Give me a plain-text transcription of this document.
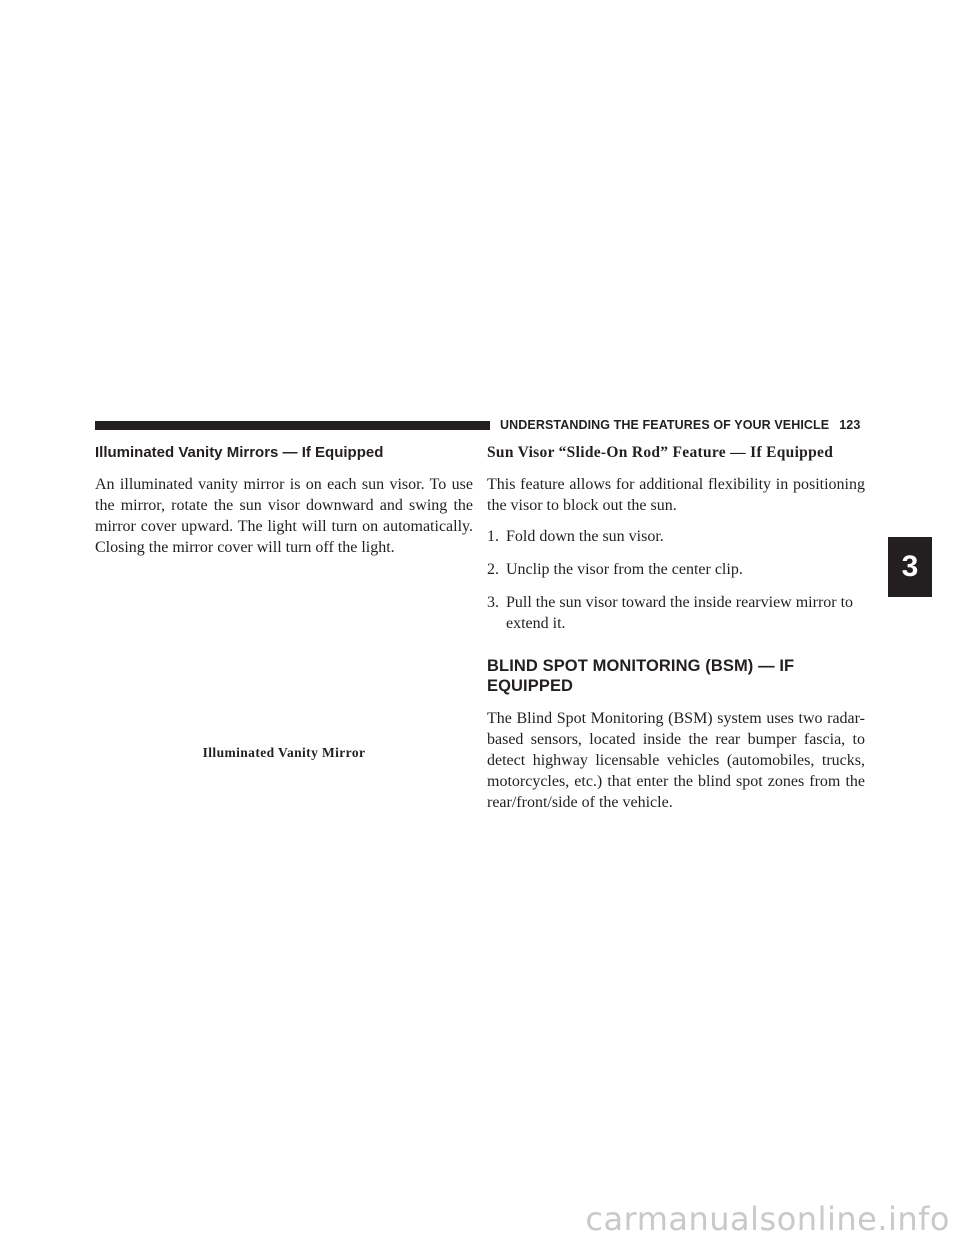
UNDERSTANDING THE FEATURES OF YOUR VEHICLE 123
Illuminated Vanity Mirrors — If Equipped

An illuminated vanity mirror is on each sun visor. To use the mirror, rotate the sun visor downward and swing the mirror cover upward. The light will turn on automatically. Closing the mirror cover will turn off the light.

Illuminated Vanity Mirror
Sun Visor “Slide-On Rod” Feature — If Equipped

This feature allows for additional flexibility in positioning the visor to block out the sun.

1. Fold down the sun visor.
2. Unclip the visor from the center clip.
3. Pull the sun visor toward the inside rearview mirror to extend it.
BLIND SPOT MONITORING (BSM) — IF EQUIPPED

The Blind Spot Monitoring (BSM) system uses two radar-based sensors, located inside the rear bumper fascia, to detect highway licensable vehicles (automobiles, trucks, motorcycles, etc.) that enter the blind spot zones from the rear/front/side of the vehicle.

3
carmanualsonline.info
